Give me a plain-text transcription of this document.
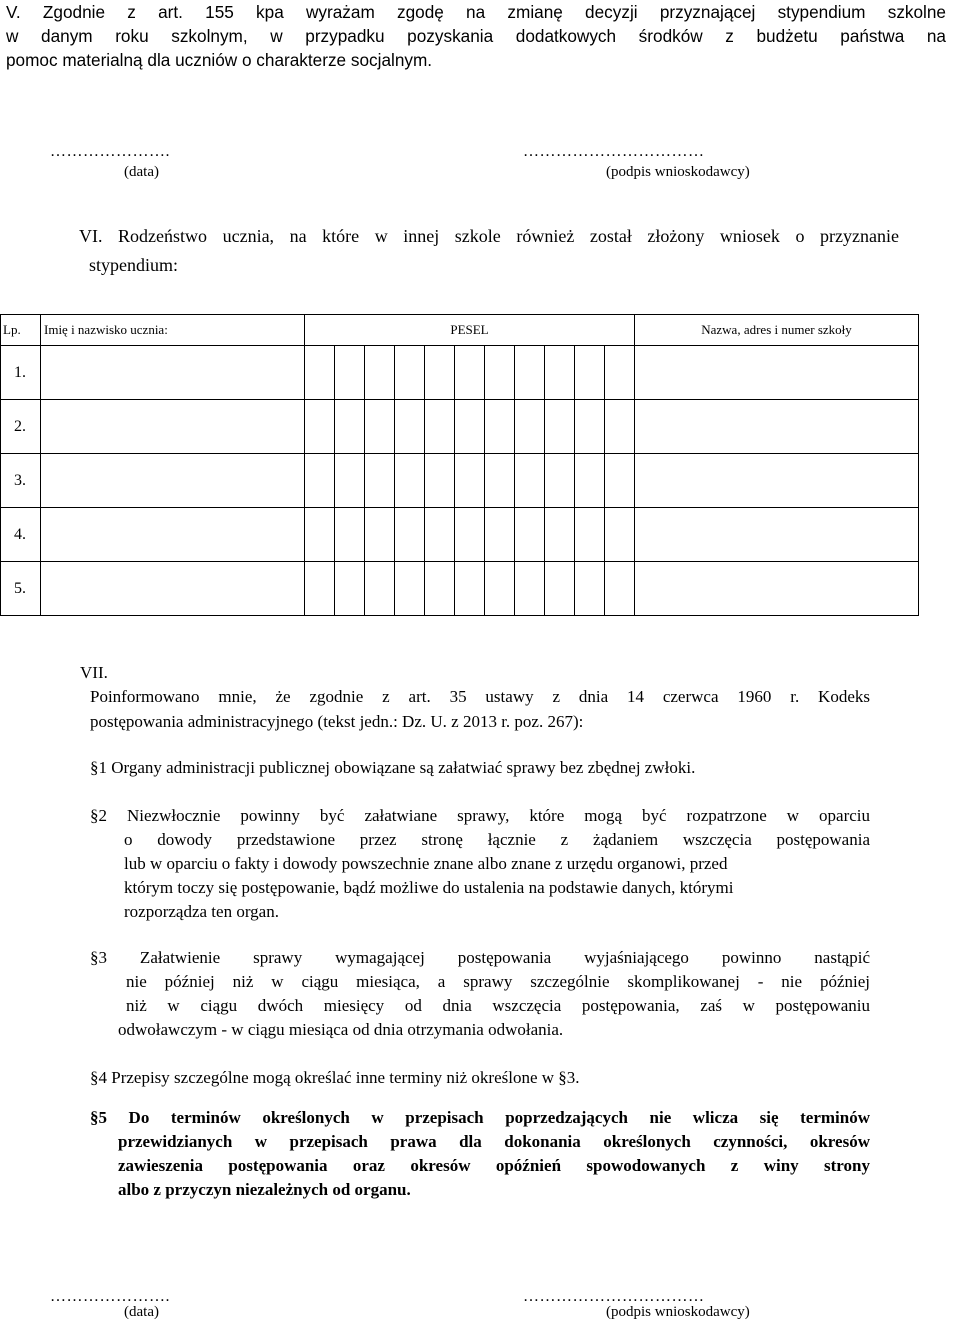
V. Zgodnie z art. 155 kpa wyrażam zgodę na zmianę decyzji przyznającej stypendium szkolne
w danym roku szkolnym, w przypadku pozyskania dodatkowych środków z budżetu państwa na
pomoc materialną dla uczniów o charakterze socjalnym.
………………….	……………………………
(data)	(podpis wnioskodawcy)
VI. Rodzeństwo ucznia, na które w innej szkole również został złożony wniosek o przyznanie
stypendium:
Lp.	Imię i nazwisko ucznia:	PESEL											Nazwa, adres i numer szkoły
1.													
2.													
3.													
4.													
5.													
VII.
Poinformowano mnie, że zgodnie z art. 35 ustawy z dnia 14 czerwca 1960 r. Kodeks
postępowania administracyjnego (tekst jedn.: Dz. U. z 2013 r. poz. 267):
§1 Organy administracji publicznej obowiązane są załatwiać sprawy bez zbędnej zwłoki.
§2 Niezwłocznie powinny być załatwiane sprawy, które mogą być rozpatrzone w oparciu
o dowody przedstawione przez stronę łącznie z żądaniem wszczęcia postępowania
lub w oparciu o fakty i dowody powszechnie znane albo znane z urzędu organowi, przed
którym toczy się postępowanie, bądź możliwe do ustalenia na podstawie danych, którymi
rozporządza ten organ.
§3 Załatwienie sprawy wymagającej postępowania wyjaśniającego powinno nastąpić
nie później niż w ciągu miesiąca, a sprawy szczególnie skomplikowanej - nie później
niż w ciągu dwóch miesięcy od dnia wszczęcia postępowania, zaś w postępowaniu
odwoławczym - w ciągu miesiąca od dnia otrzymania odwołania.
§4 Przepisy szczególne mogą określać inne terminy niż określone w §3.
§5 Do terminów określonych w przepisach poprzedzających nie wlicza się terminów
przewidzianych w przepisach prawa dla dokonania określonych czynności, okresów
zawieszenia postępowania oraz okresów opóźnień spowodowanych z winy strony
albo z przyczyn niezależnych od organu.
………………….	……………………………
(data)	(podpis wnioskodawcy)
